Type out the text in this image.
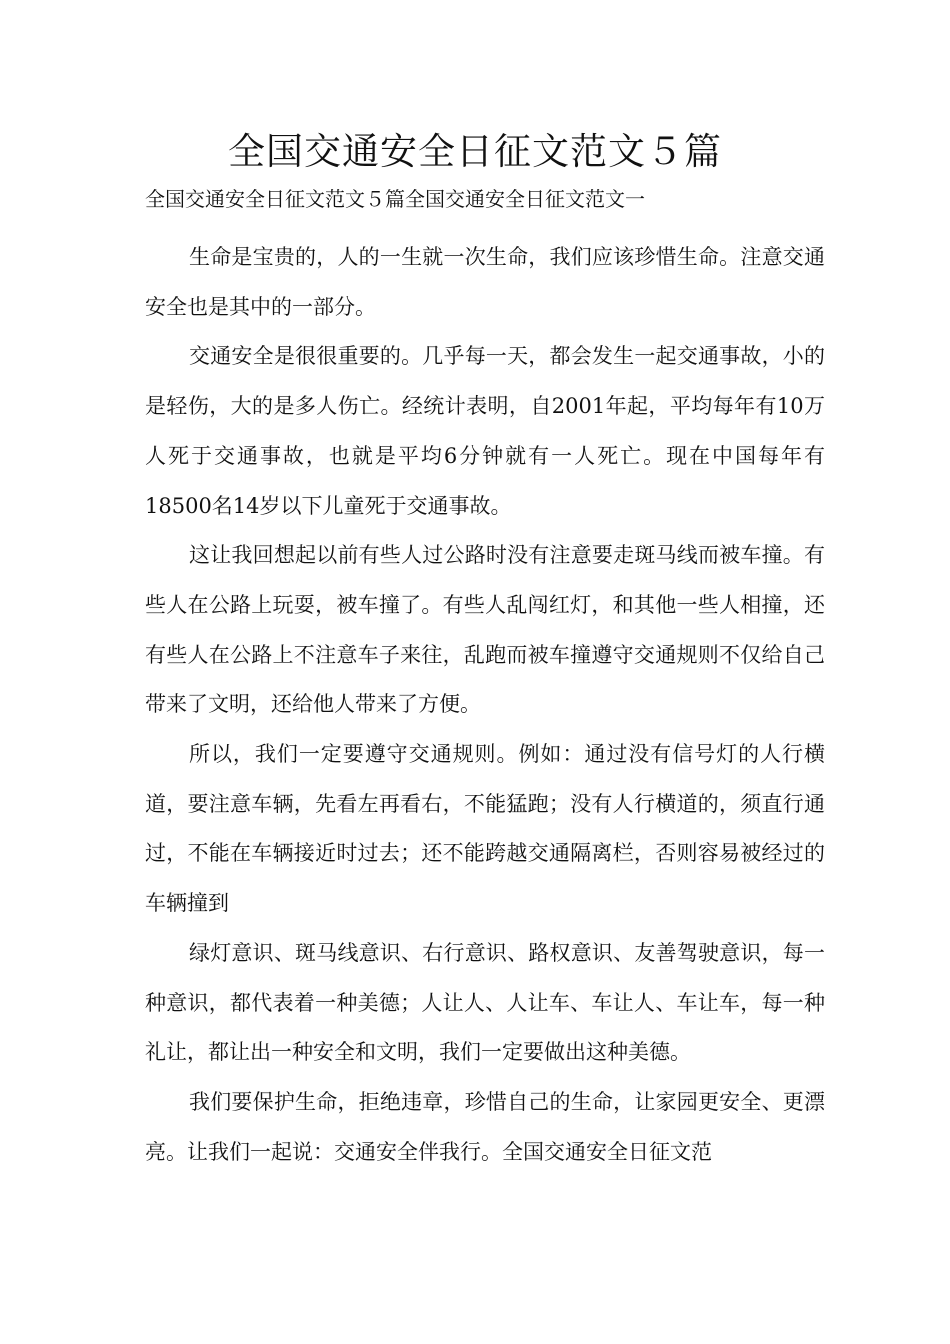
全国交通安全日征文范文５篇

全国交通安全日征文范文５篇全国交通安全日征文范文一

生命是宝贵的，人的一生就一次生命，我们应该珍惜生命。注意交通安全也是其中的一部分。

交通安全是很很重要的。几乎每一天，都会发生一起交通事故，小的是轻伤，大的是多人伤亡。经统计表明，自2001年起，平均每年有10万人死于交通事故，也就是平均6分钟就有一人死亡。现在中国每年有18500名14岁以下儿童死于交通事故。

这让我回想起以前有些人过公路时没有注意要走斑马线而被车撞。有些人在公路上玩耍，被车撞了。有些人乱闯红灯，和其他一些人相撞，还有些人在公路上不注意车子来往，乱跑而被车撞遵守交通规则不仅给自己带来了文明，还给他人带来了方便。

所以，我们一定要遵守交通规则。例如：通过没有信号灯的人行横道，要注意车辆，先看左再看右，不能猛跑；没有人行横道的，须直行通过，不能在车辆接近时过去；还不能跨越交通隔离栏，否则容易被经过的车辆撞到

绿灯意识、斑马线意识、右行意识、路权意识、友善驾驶意识，每一种意识，都代表着一种美德；人让人、人让车、车让人、车让车，每一种礼让，都让出一种安全和文明，我们一定要做出这种美德。

我们要保护生命，拒绝违章，珍惜自己的生命，让家园更安全、更漂亮。让我们一起说：交通安全伴我行。全国交通安全日征文范
